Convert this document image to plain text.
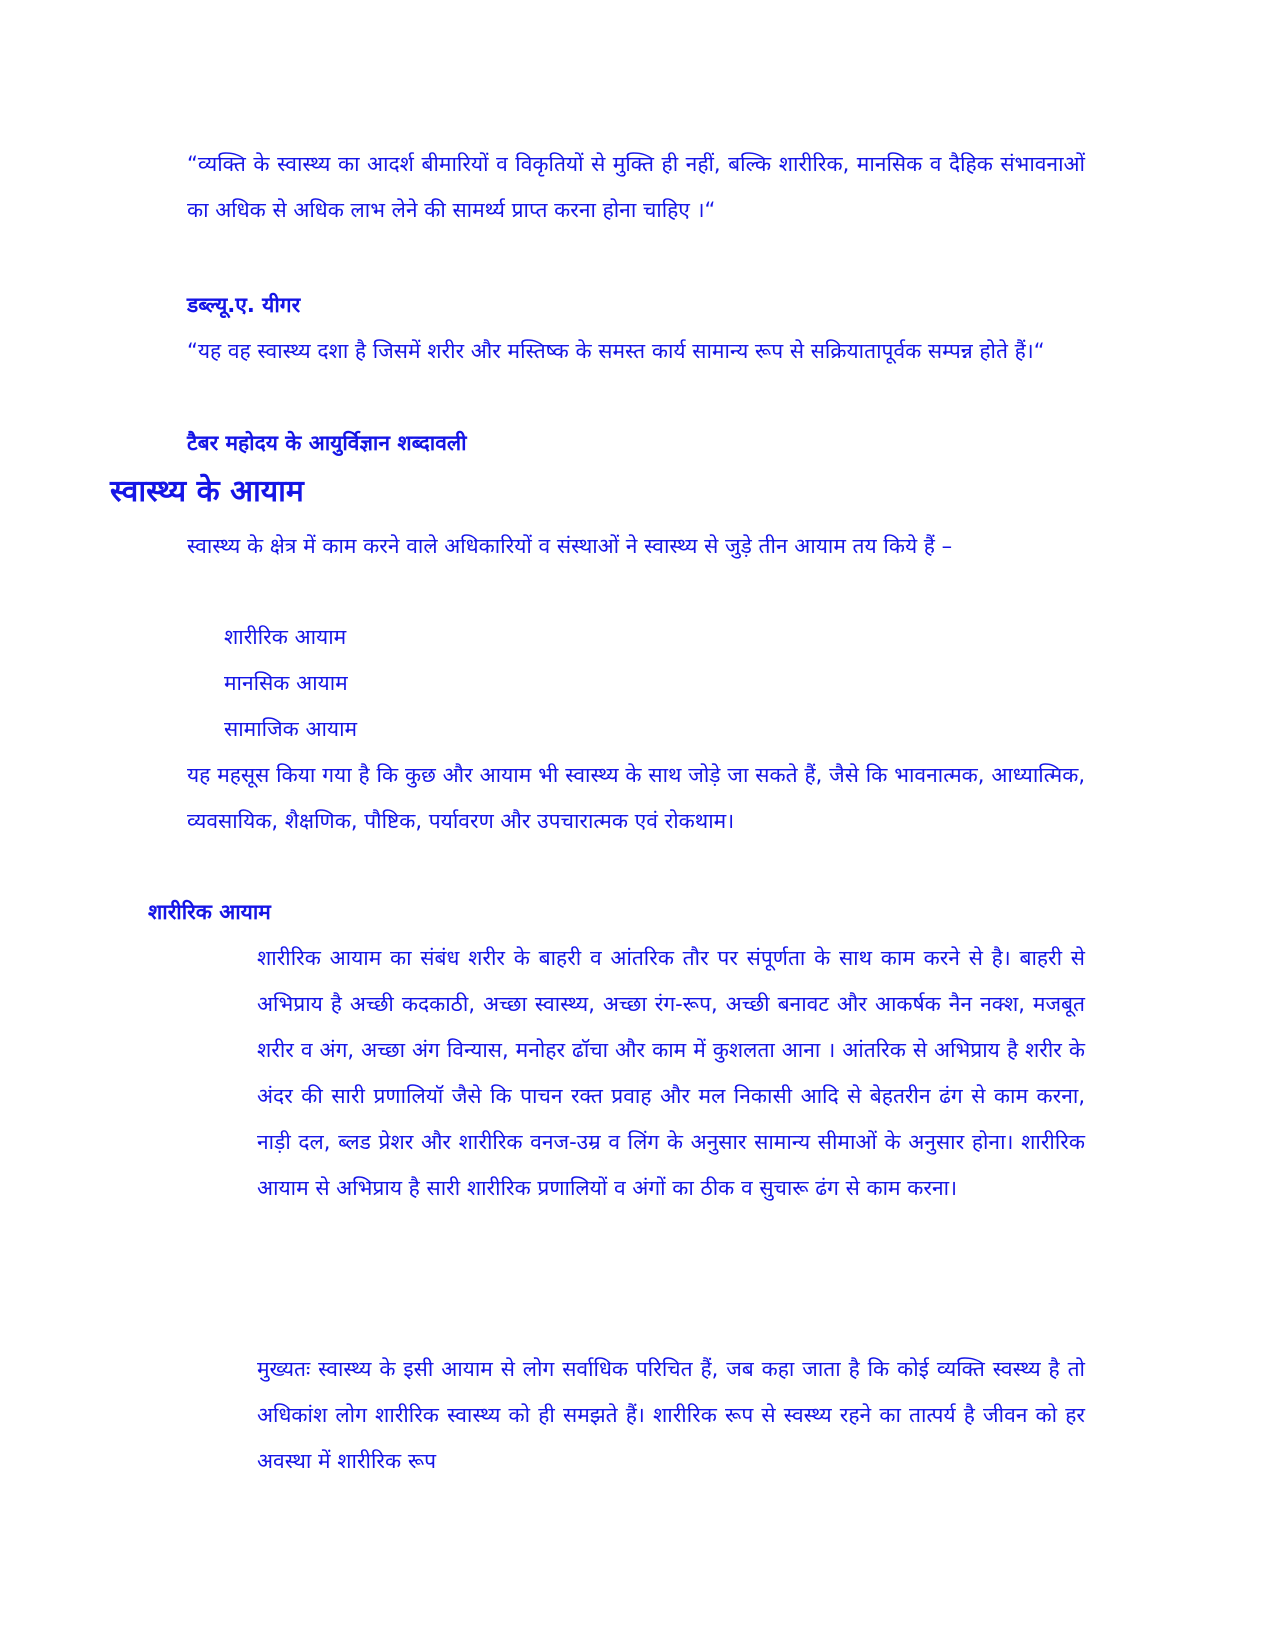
“व्यक्ति के स्वास्थ्य का आदर्श बीमारियों व विकृतियों से मुक्ति ही नहीं, बल्कि शारीरिक, मानसिक व दैहिक संभावनाओं का अधिक से अधिक लाभ लेने की सामर्थ्य प्राप्त करना होना चाहिए ।“

डब्ल्यू.ए. यीगर

“यह वह स्वास्थ्य दशा है जिसमें शरीर और मस्तिष्क के समस्त कार्य सामान्य रूप से सक्रियातापूर्वक सम्पन्न होते हैं।“

टैबर महोदय के आयुर्विज्ञान शब्दावली
स्वास्थ्य के आयाम

स्वास्थ्य के क्षेत्र में काम करने वाले अधिकारियों व संस्थाओं ने स्वास्थ्य से जुड़े तीन आयाम तय किये हैं –

शारीरिक आयाम
मानसिक आयाम
सामाजिक आयाम

यह महसूस किया गया है कि कुछ और आयाम भी स्वास्थ्य के साथ जोड़े जा सकते हैं, जैसे कि भावनात्मक, आध्यात्मिक, व्यवसायिक, शैक्षणिक, पौष्टिक, पर्यावरण और उपचारात्मक एवं रोकथाम।

शारीरिक आयाम

शारीरिक आयाम का संबंध शरीर के बाहरी व आंतरिक तौर पर संपूर्णता के साथ काम करने से है। बाहरी से अभिप्राय है अच्छी कदकाठी, अच्छा स्वास्थ्य, अच्छा रंग-रूप, अच्छी बनावट और आकर्षक नैन नक्श, मजबूत शरीर व अंग, अच्छा अंग विन्यास, मनोहर ढॉचा और काम में कुशलता आना । आंतरिक से अभिप्राय है शरीर के अंदर की सारी प्रणालियॉ जैसे कि पाचन रक्त प्रवाह और मल निकासी आदि से बेहतरीन ढंग से काम करना, नाड़ी दल, ब्लड प्रेशर और शारीरिक वनज-उम्र व लिंग के अनुसार सामान्य सीमाओं के अनुसार होना। शारीरिक आयाम से अभिप्राय है सारी शारीरिक प्रणालियों व अंगों का ठीक व सुचारू ढंग से काम करना।

मुख्यतः स्वास्थ्य के इसी आयाम से लोग सर्वाधिक परिचित हैं, जब कहा जाता है कि कोई व्यक्ति स्वस्थ्य है तो अधिकांश लोग शारीरिक स्वास्थ्य को ही समझते हैं। शारीरिक रूप से स्वस्थ्य रहने का तात्पर्य है जीवन को हर अवस्था में शारीरिक रूप
